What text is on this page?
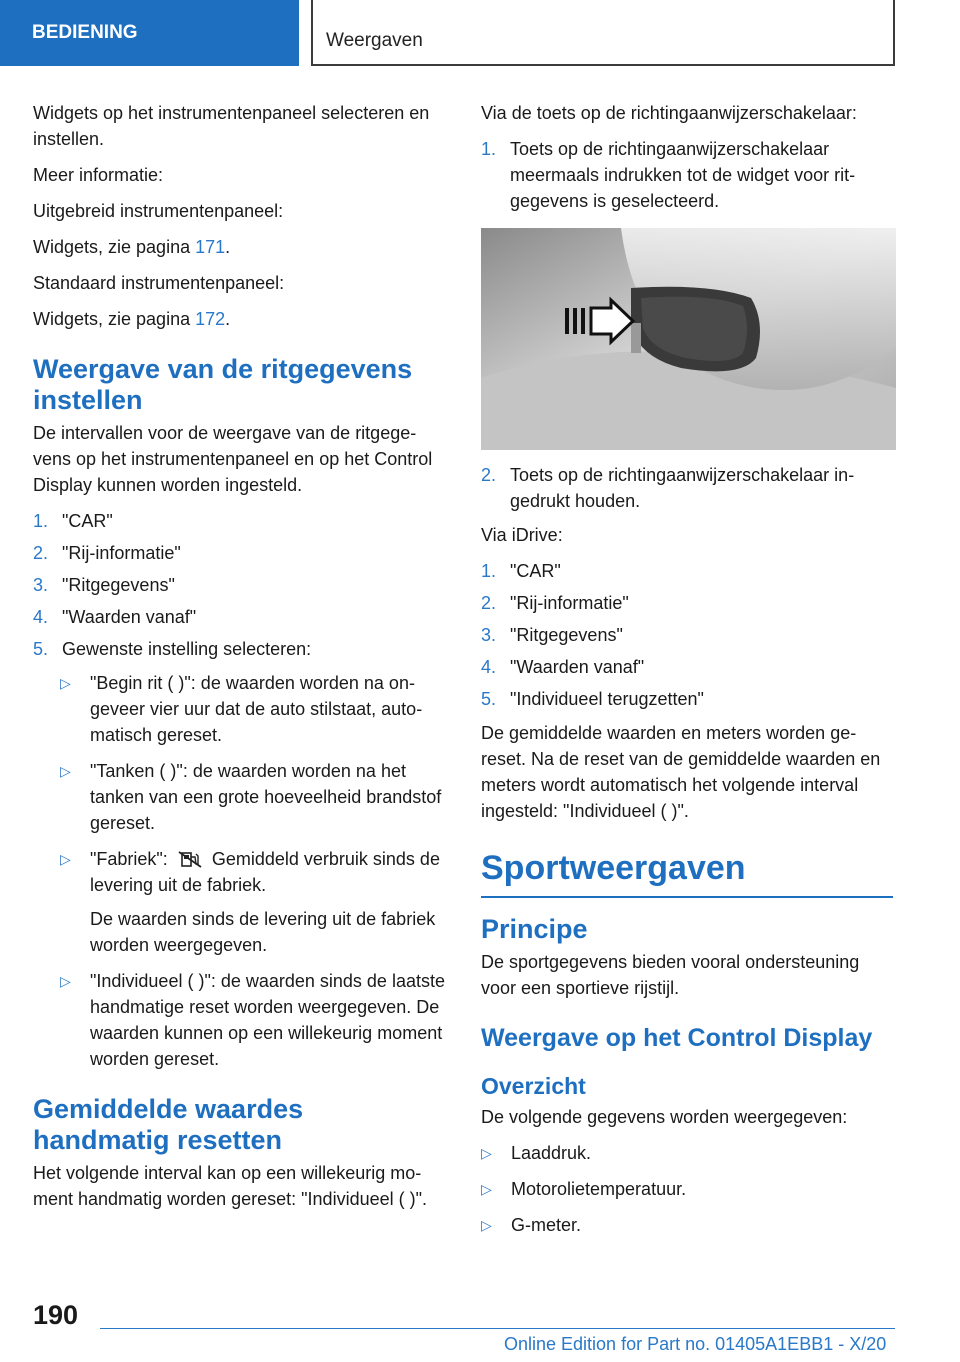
BEDIENING	Weergaven

Widgets op het instrumentenpaneel selecteren en instellen.

Meer informatie:

Uitgebreid instrumentenpaneel:

Widgets, zie pagina 171.

Standaard instrumentenpaneel:

Widgets, zie pagina 172.

Weergave van de ritgegevens instellen

De intervallen voor de weergave van de ritgegevens op het instrumentenpaneel en op het Control Display kunnen worden ingesteld.

1. "CAR"
2. "Rij-informatie"
3. "Ritgegevens"
4. "Waarden vanaf"
5. Gewenste instelling selecteren:
▷ "Begin rit ( )": de waarden worden na ongeveer vier uur dat de auto stilstaat, automatisch gereset.
▷ "Tanken ( )": de waarden worden na het tanken van een grote hoeveelheid brandstof gereset.
▷ "Fabriek": Gemiddeld verbruik sinds de levering uit de fabriek.
De waarden sinds de levering uit de fabriek worden weergegeven.
▷ "Individueel ( )": de waarden sinds de laatste handmatige reset worden weergegeven. De waarden kunnen op een willekeurig moment worden gereset.
Gemiddelde waardes handmatig resetten

Het volgende interval kan op een willekeurig moment handmatig worden gereset: "Individueel ( )".

Via de toets op de richtingaanwijzerschakelaar:

1. Toets op de richtingaanwijzerschakelaar meermaals indrukken tot de widget voor ritgegevens is geselecteerd.
2. Toets op de richtingaanwijzerschakelaar ingedrukt houden.

Via iDrive:

1. "CAR"
2. "Rij-informatie"
3. "Ritgegevens"
4. "Waarden vanaf"
5. "Individueel terugzetten"

De gemiddelde waarden en meters worden gereset. Na de reset van de gemiddelde waarden en meters wordt automatisch het volgende interval ingesteld: "Individueel ( )".

Sportweergaven
Principe

De sportgegevens bieden vooral ondersteuning voor een sportieve rijstijl.

Weergave op het Control Display
Overzicht

De volgende gegevens worden weergegeven:

▷ Laaddruk.
▷ Motorolietemperatuur.
▷ G-meter.
190
Online Edition for Part no. 01405A1EBB1 - X/20
